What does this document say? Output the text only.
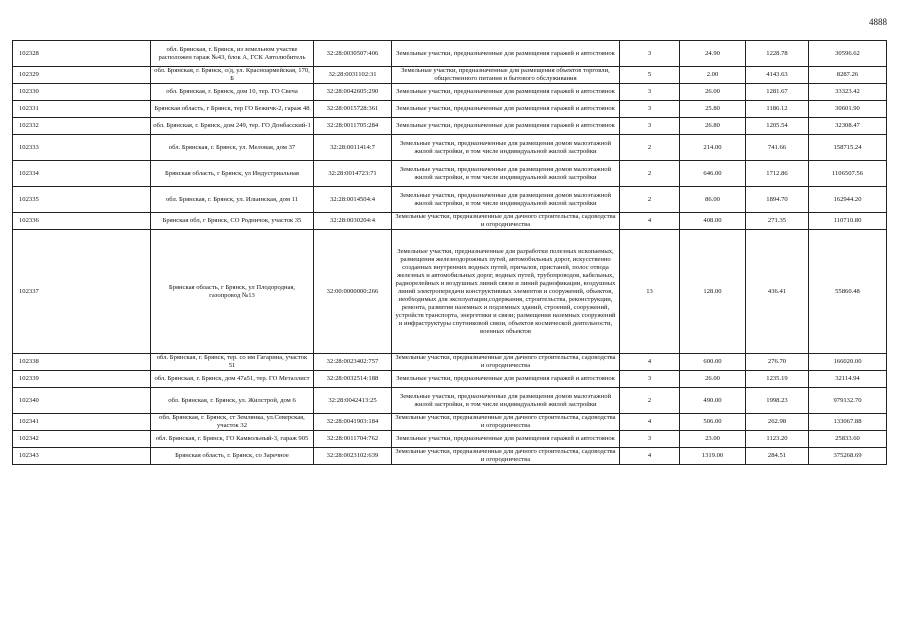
4888
102328	обл. Брянская, г. Брянск, из земельном участке расположен гараж №43, блок А, ГСК Автолюбитель	32:28:0030507:406	Земельные участки, предназначенные для размещения гаражей и автостоянок	3	24.90	1228.78	30596.62
102329	обл. Брянская, г. Брянск, о/д, ул. Красноармейская, 170, Б	32:28:0031102:31	Земельные участки, предназначенные для размещения объектов торговли, общественного питания и бытового обслуживания	5	2.00	4143.63	8287.26
102330	обл. Брянская, г. Брянск, дом 10, тер. ГО Свеча	32:28:0042605:290	Земельные участки, предназначенные для размещения гаражей и автостоянок	3	26.00	1281.67	33323.42
102331	Брянская область, г Брянск, тер ГО Бежичк-2, гараж 48	32:28:0015728:361	Земельные участки, предназначенные для размещения гаражей и автостоянок	3	25.80	1186.12	30601.90
102332	обл. Брянская, г. Брянск, дом 249, тер. ГО Донбасский-1	32:28:0011705:284	Земельные участки, предназначенные для размещения гаражей и автостоянок	3	26.80	1205.54	32308.47
102333	обл. Брянская, г. Брянск, ул. Меловая, дом 37	32:28:0011414:7	Земельные участки, предназначенные для размещения домов малоэтажной жилой застройки, в том числе индивидуальной жилой застройки	2	214.00	741.66	158715.24
102334	Брянская область, г Брянск, ул Индустриальная	32:28:0014723:71	Земельные участки, предназначенные для размещения домов малоэтажной жилой застройки, в том числе индивидуальной жилой застройки	2	646.00	1712.86	1106507.56
102335	обл. Брянская, г. Брянск, ул. Ильинская, дом 11	32:28:0014504:4	Земельные участки, предназначенные для размещения домов малоэтажной жилой застройки, в том числе индивидуальной жилой застройки	2	86.00	1894.70	162944.20
102336	Брянская обл, г Брянск, СО Родничок, участок 35	32:28:0030204:4	Земельные участки, предназначенные для дачного строительства, садоводства и огородничества	4	408.00	271.35	110710.80
102337	Брянская область, г Брянск, ул Плодородная, газопровод №13	32:00:0000000:266	Земельные участки, предназначенные для разработки полезных ископаемых, размещения железнодорожных путей, автомобильных дорог, искусственно созданных внутренних водных путей, причалов, пристаней, полос отвода железных и автомобильных дорог, водных путей, трубопроводов, кабельных, радиорелейных и воздушных линий связи и линий радиофикации, воздушных линий электропередачи конструктивных элементов и сооружений, объектов, необходимых для эксплуатации,содержания, строительства, реконструкции, ремонта, развития наземных и подземных зданий, строений, сооружений, устройств транспорта, энергетики и связи; размещения наземных сооружений и инфраструктуры спутниковой связи, объектов космической деятельности, военных объектов	13	128.00	436.41	55860.48
102338	обл. Брянская, г. Брянск, тер. со им Гагарина, участок 51	32:28:0023402:757	Земельные участки, предназначенные для дачного строительства, садоводства и огородничества	4	600.00	276.70	166020.00
102339	обл. Брянская, г. Брянск, дом 47а51, тер. ГО Металлист	32:28:0032514:188	Земельные участки, предназначенные для размещения гаражей и автостоянок	3	26.00	1235.19	32114.94
102340	обл. Брянская, г. Брянск, ул. Жилстрой, дом 6	32:28:0042413:25	Земельные участки, предназначенные для размещения домов малоэтажной жилой застройки, в том числе индивидуальной жилой застройки	2	490.00	1998.23	979132.70
102341	обл. Брянская, г. Брянск, ст Землянка, ул.Северская, участок 32	32:28:0041903:184	Земельные участки, предназначенные для дачного строительства, садоводства и огородничества	4	506.00	262.98	133067.88
102342	обл. Брянская, г. Брянск, ГО Камвольный-3, гараж 905	32:28:0011704:762	Земельные участки, предназначенные для размещения гаражей и автостоянок	3	23.00	1123.20	25833.60
102343	Брянская область, г. Брянск, со Заречное	32:28:0023102:639	Земельные участки, предназначенные для дачного строительства, садоводства и огородничества	4	1319.00	284.51	375268.69
